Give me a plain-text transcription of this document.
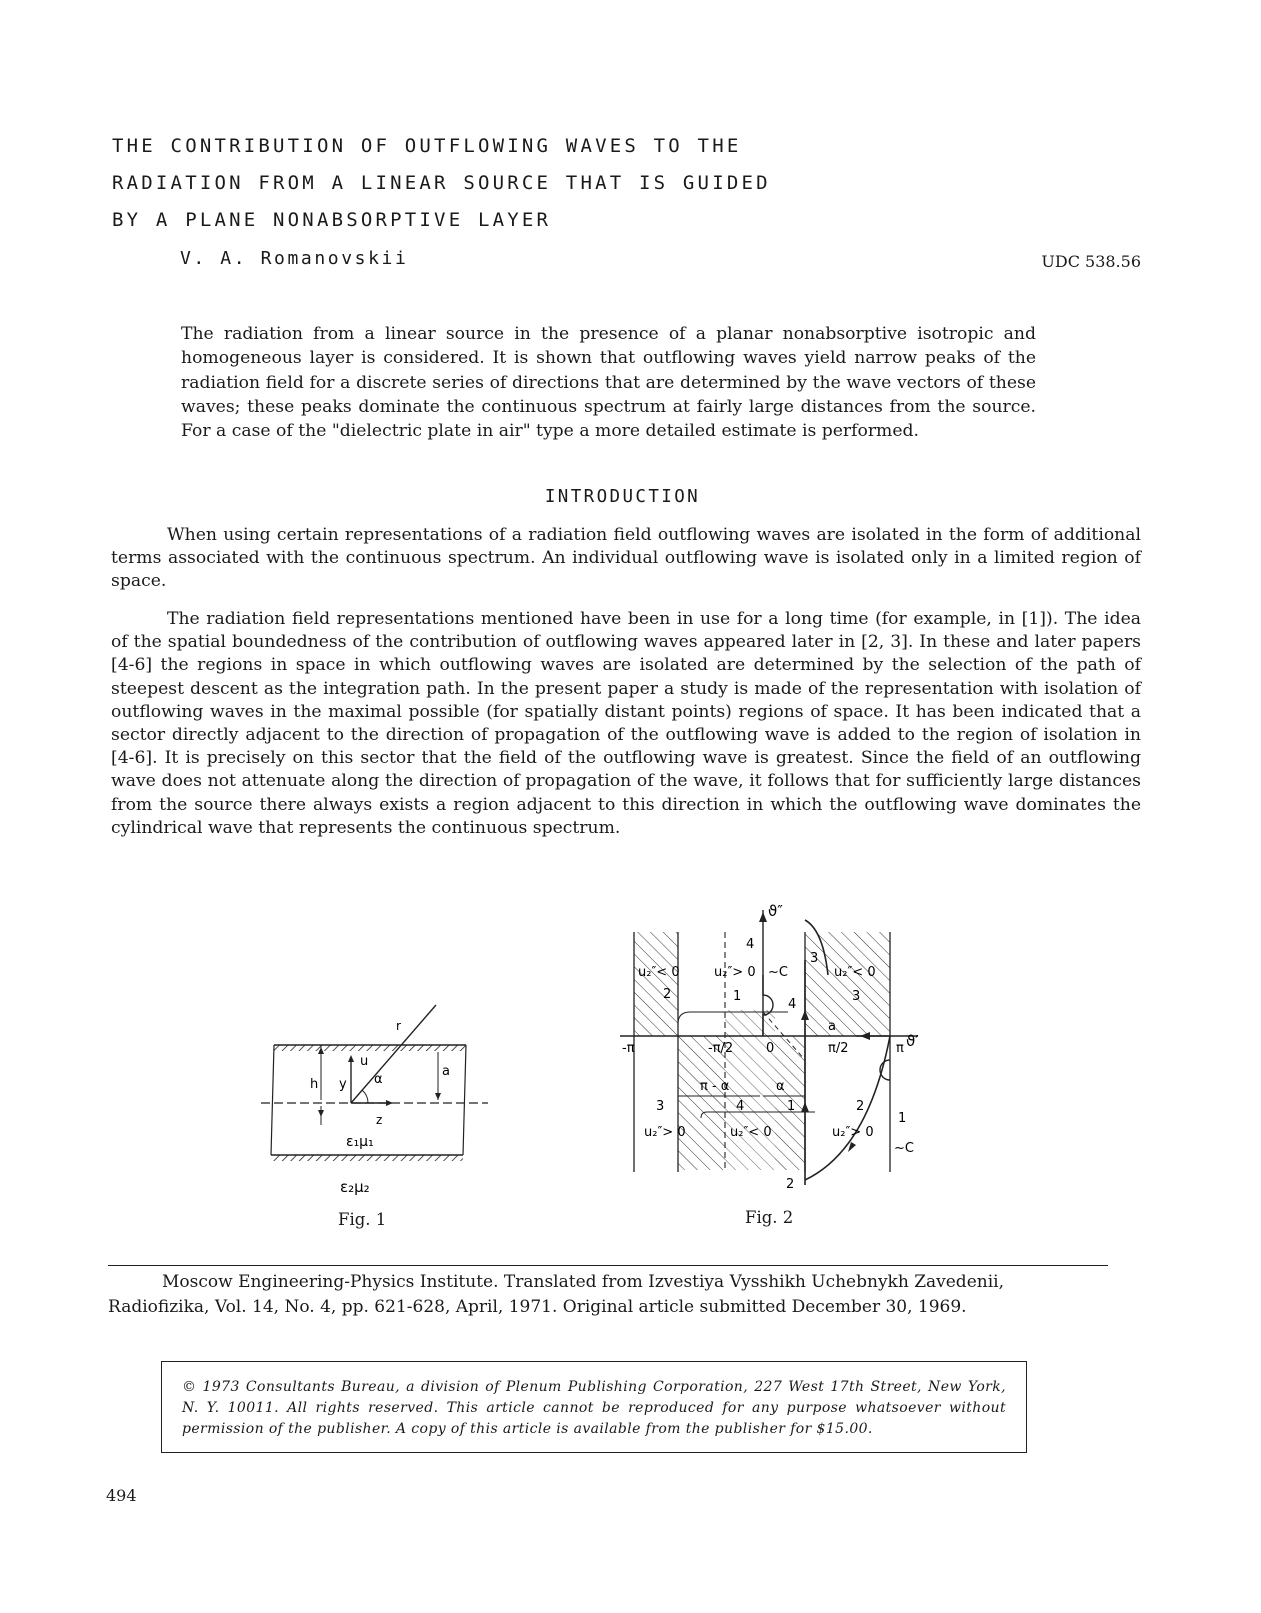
THE CONTRIBUTION OF OUTFLOWING WAVES TO THE
RADIATION FROM A LINEAR SOURCE THAT IS GUIDED
BY A PLANE NONABSORPTIVE LAYER
V. A. Romanovskii	UDC 538.56
The radiation from a linear source in the presence of a planar nonabsorptive isotropic and homogeneous layer is considered. It is shown that outflowing waves yield narrow peaks of the radiation field for a discrete series of directions that are determined by the wave vectors of these waves; these peaks dominate the continuous spectrum at fairly large distances from the source. For a case of the "dielectric plate in air" type a more detailed estimate is performed.
INTRODUCTION

When using certain representations of a radiation field outflowing waves are isolated in the form of additional terms associated with the continuous spectrum. An individual outflowing wave is isolated only in a limited region of space.

The radiation field representations mentioned have been in use for a long time (for example, in [1]). The idea of the spatial boundedness of the contribution of outflowing waves appeared later in [2, 3]. In these and later papers [4-6] the regions in space in which outflowing waves are isolated are determined by the selection of the path of steepest descent as the integration path. In the present paper a study is made of the representation with isolation of outflowing waves in the maximal possible (for spatially distant points) regions of space. It has been indicated that a sector directly adjacent to the direction of propagation of the outflowing wave is added to the region of isolation in [4-6]. It is precisely on this sector that the field of the outflowing wave is greatest. Since the field of an outflowing wave does not attenuate along the direction of propagation of the wave, it follows that for sufficiently large distances from the source there always exists a region adjacent to this direction in which the outflowing wave dominates the cylindrical wave that represents the continuous spectrum.

r
u
y
h
a
α
z
ε₁μ₁
ε₂μ₂
Fig. 1
ϑ″
ϑ′
-π	-π/2	0	π/2	π
a
π - α	α
u₂″< 0	u₂″> 0	u₂″< 0
u₂″> 0	u₂″< 0	u₂″> 0
~C
~C
4
3
2	1
4
3
3	4	1	2
1
2
Fig. 2
Moscow Engineering-Physics Institute. Translated from Izvestiya Vysshikh Uchebnykh Zavedenii,
Radiofizika, Vol. 14, No. 4, pp. 621-628, April, 1971. Original article submitted December 30, 1969.
© 1973 Consultants Bureau, a division of Plenum Publishing Corporation, 227 West 17th Street, New York, N. Y. 10011. All rights reserved. This article cannot be reproduced for any purpose whatsoever without permission of the publisher. A copy of this article is available from the publisher for $15.00.
494
